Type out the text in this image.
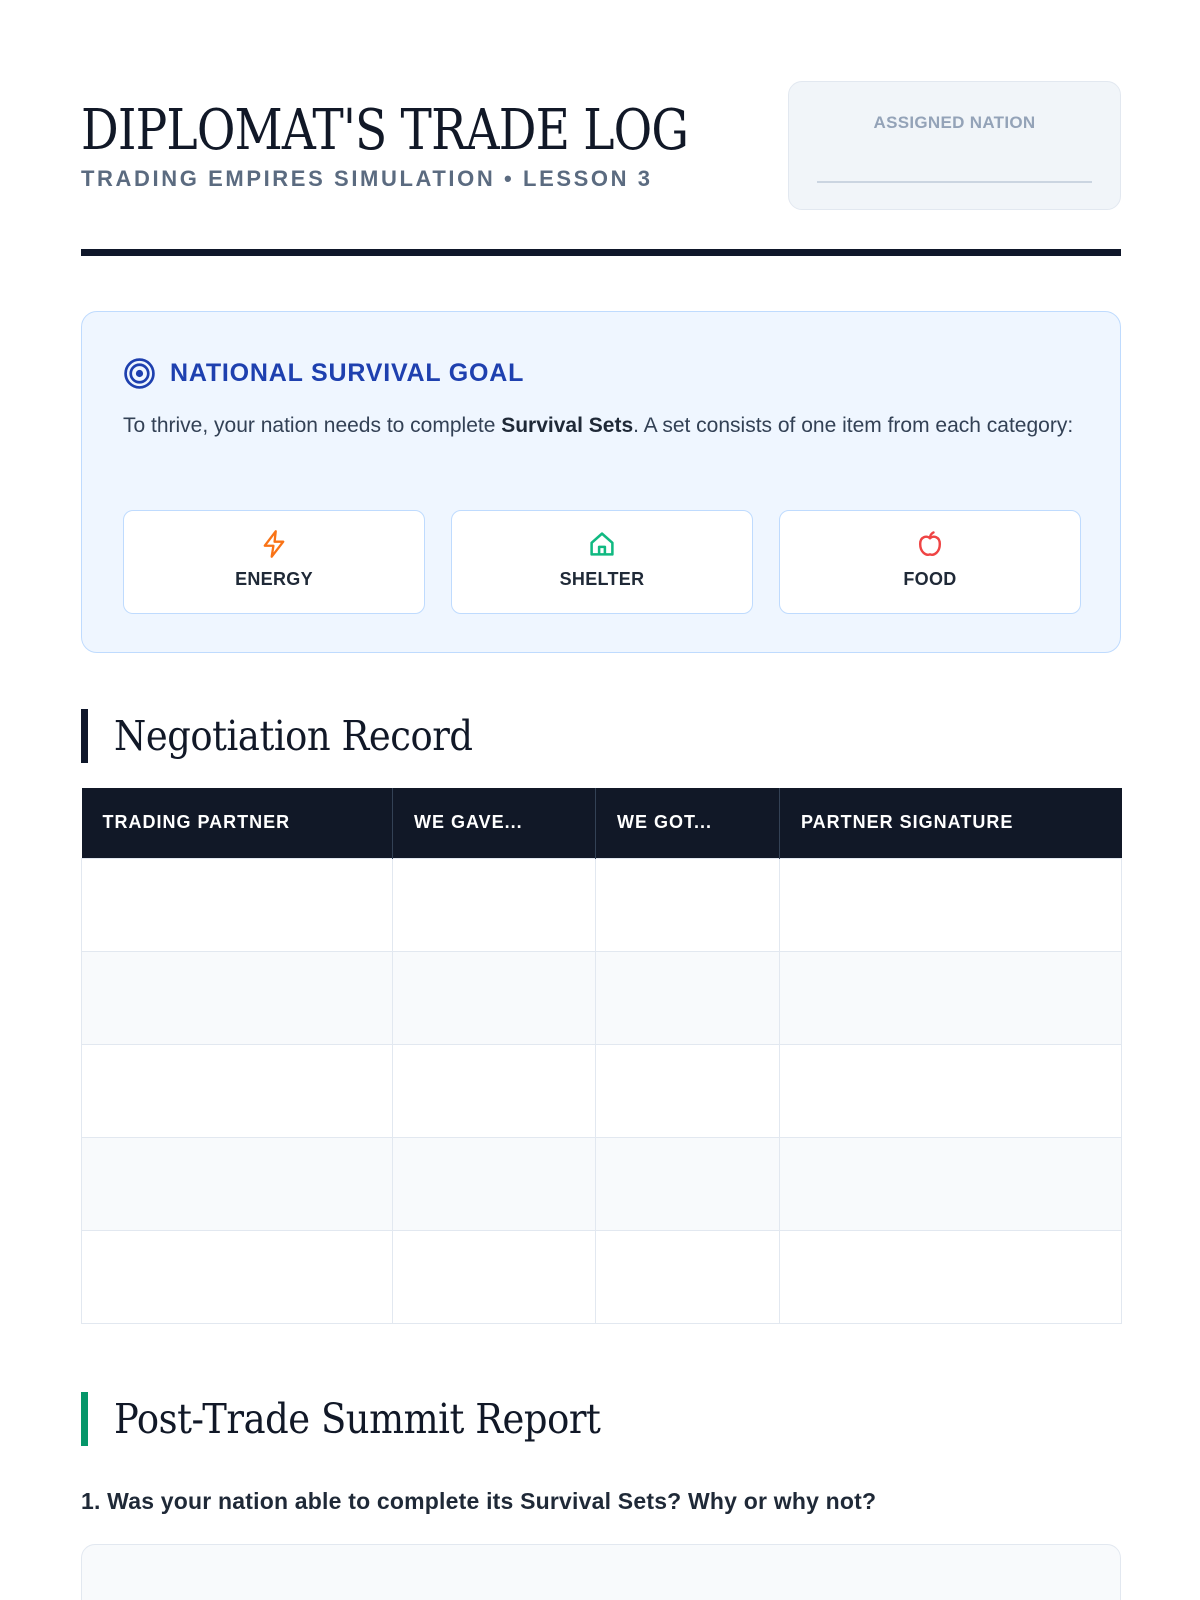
DIPLOMAT'S TRADE LOG
TRADING EMPIRES SIMULATION • LESSON 3
ASSIGNED NATION
NATIONAL SURVIVAL GOAL
To thrive, your nation needs to complete Survival Sets. A set consists of one item from each category:
ENERGY	SHELTER	FOOD
Negotiation Record
TRADING PARTNER	WE GAVE...	WE GOT...	PARTNER SIGNATURE

Post-Trade Summit Report
1. Was your nation able to complete its Survival Sets? Why or why not?
